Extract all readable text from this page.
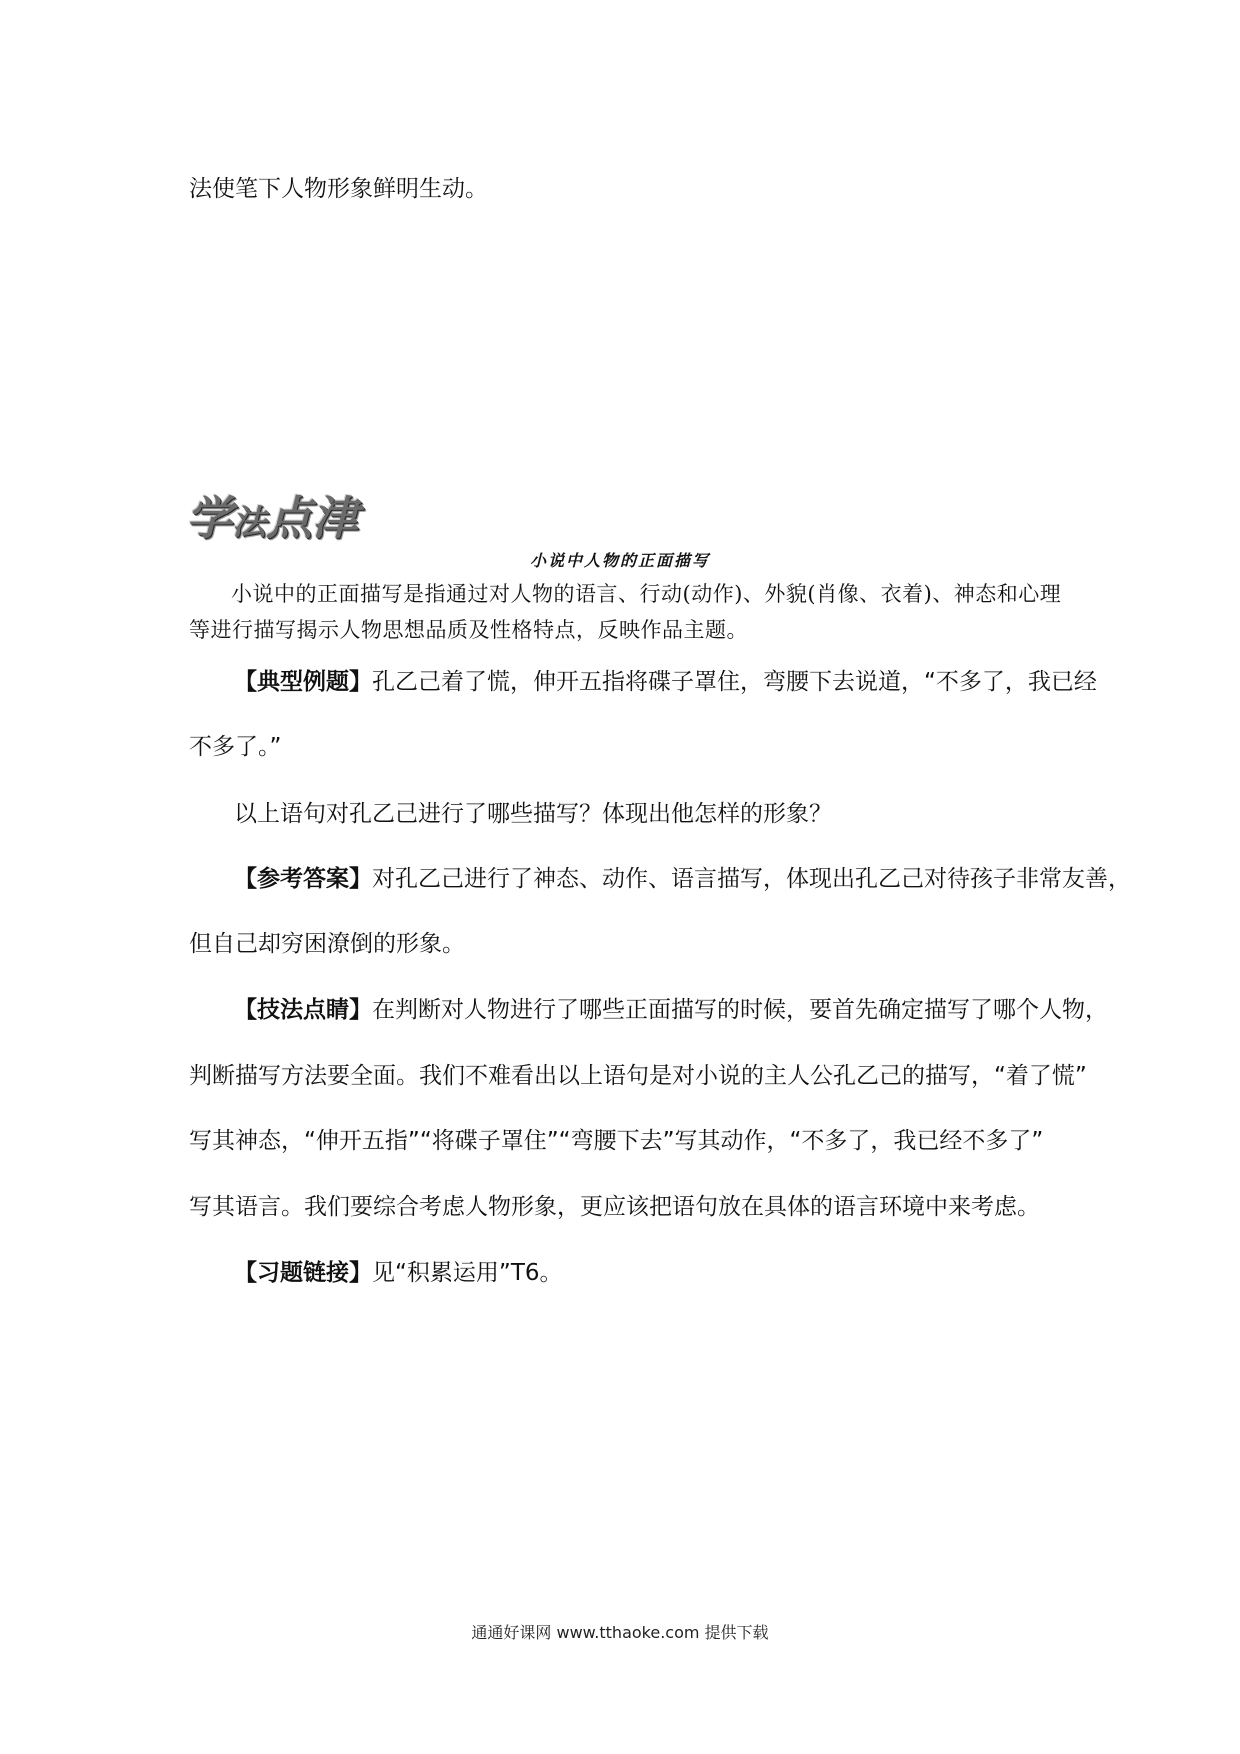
法使笔下人物形象鲜明生动。
学法点津
小说中人物的正面描写
小说中的正面描写是指通过对人物的语言、行动(动作)、外貌(肖像、衣着)、神态和心理等进行描写揭示人物思想品质及性格特点，反映作品主题。
【典型例题】孔乙己着了慌，伸开五指将碟子罩住，弯腰下去说道，“不多了，我已经
不多了。”
以上语句对孔乙己进行了哪些描写？体现出他怎样的形象？
【参考答案】对孔乙己进行了神态、动作、语言描写，体现出孔乙己对待孩子非常友善，
但自己却穷困潦倒的形象。
【技法点睛】在判断对人物进行了哪些正面描写的时候，要首先确定描写了哪个人物，
判断描写方法要全面。我们不难看出以上语句是对小说的主人公孔乙己的描写，“着了慌”
写其神态，“伸开五指”“将碟子罩住”“弯腰下去”写其动作，“不多了，我已经不多了”
写其语言。我们要综合考虑人物形象，更应该把语句放在具体的语言环境中来考虑。
【习题链接】见“积累运用”T6。
通通好课网 www.tthaoke.com 提供下载
